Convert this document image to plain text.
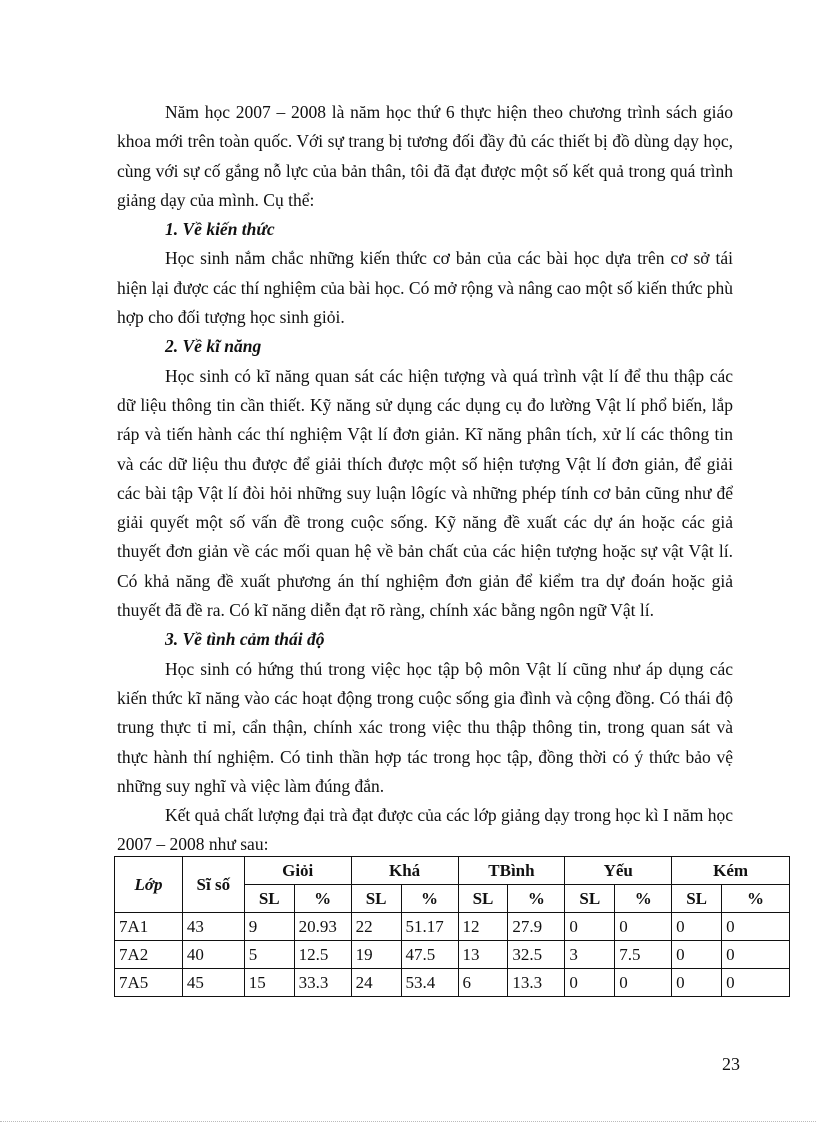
Năm học 2007 – 2008 là năm học thứ 6 thực hiện theo chương trình sách giáo khoa mới trên toàn quốc. Với sự trang bị tương đối đầy đủ các thiết bị đồ dùng dạy học, cùng với sự cố gắng nỗ lực của bản thân, tôi đã đạt được một số kết quả trong quá trình giảng dạy của mình. Cụ thể:

1. Về kiến thức

Học sinh nắm chắc những kiến thức cơ bản của các bài học dựa trên cơ sở tái hiện lại được các thí nghiệm của bài học. Có mở rộng và nâng cao một số kiến thức phù hợp cho đối tượng học sinh giỏi.

2. Về kĩ năng

Học sinh có kĩ năng quan sát các hiện tượng và quá trình vật lí để thu thập các dữ liệu thông tin cần thiết. Kỹ năng sử dụng các dụng cụ đo lường Vật lí phổ biến, lắp ráp và tiến hành các thí nghiệm Vật lí đơn giản. Kĩ năng phân tích, xử lí các thông tin và các dữ liệu thu được để giải thích được một số hiện tượng Vật lí đơn giản, để giải các bài tập Vật lí đòi hỏi những suy luận lôgíc và những phép tính cơ bản cũng như để giải quyết một số vấn đề trong cuộc sống. Kỹ năng đề xuất các dự án hoặc các giả thuyết đơn giản về các mối quan hệ về bản chất của các hiện tượng hoặc sự vật Vật lí. Có khả năng đề xuất phương án thí nghiệm đơn giản để kiểm tra dự đoán hoặc giả thuyết đã đề ra. Có kĩ năng diễn đạt rõ ràng, chính xác bằng ngôn ngữ Vật lí.

3. Về tình cảm thái độ

Học sinh có hứng thú trong việc học tập bộ môn Vật lí cũng như áp dụng các kiến thức kĩ năng vào các hoạt động trong cuộc sống gia đình và cộng đồng. Có thái độ trung thực tỉ mỉ, cẩn thận, chính xác trong việc thu thập thông tin, trong quan sát và thực hành thí nghiệm. Có tinh thần hợp tác trong học tập, đồng thời có ý thức bảo vệ những suy nghĩ và việc làm đúng đắn.

Kết quả chất lượng đại trà đạt được của các lớp giảng dạy trong học kì I năm học 2007 – 2008 như sau:

Lớp	Sĩ số	Giỏi		Khá		TBình		Yếu		Kém	
		SL	%	SL	%	SL	%	SL	%	SL	%
7A1	43	9	20.93	22	51.17	12	27.9	0	0	0	0
7A2	40	5	12.5	19	47.5	13	32.5	3	7.5	0	0
7A5	45	15	33.3	24	53.4	6	13.3	0	0	0	0
23
